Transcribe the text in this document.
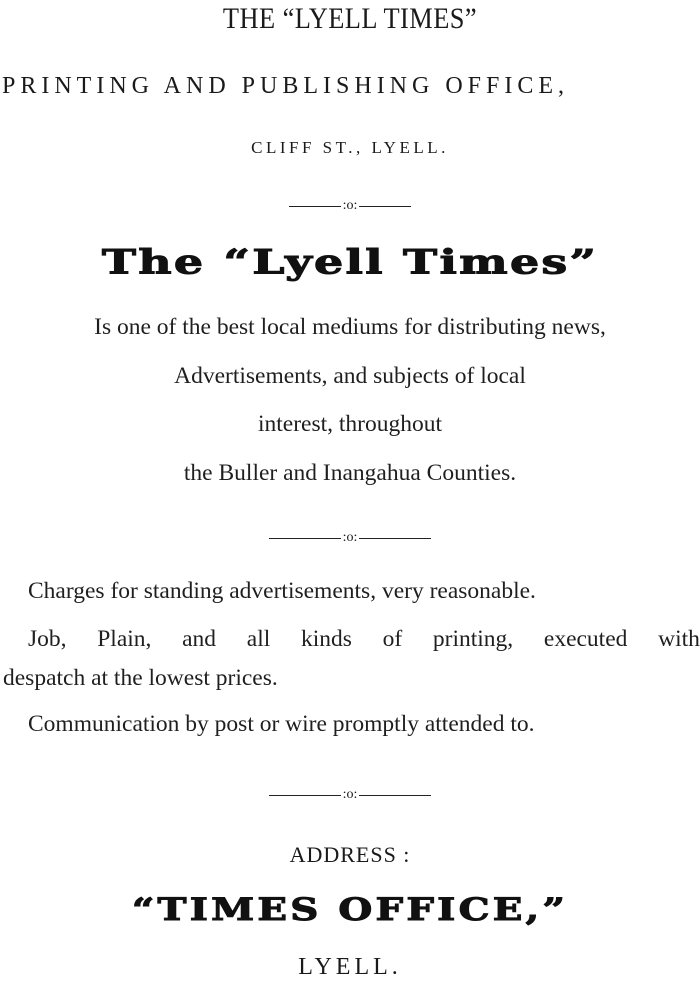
THE “LYELL TIMES”

PRINTING AND PUBLISHING OFFICE,

CLIFF ST., LYELL.

:o:

The “Lyell Times”

Is one of the best local mediums for distributing news,

Advertisements, and subjects of local

interest, throughout

the Buller and Inangahua Counties.

:o:

Charges for standing advertisements, very reasonable.

Job, Plain, and all kinds of printing, executed with

despatch at the lowest prices.

Communication by post or wire promptly attended to.

:o:

ADDRESS :

“TIMES OFFICE,”

LYELL.
